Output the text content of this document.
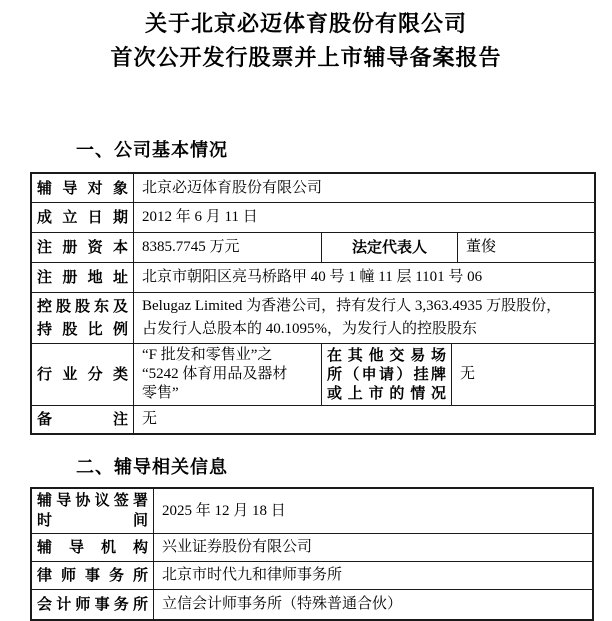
关于北京必迈体育股份有限公司
首次公开发行股票并上市辅导备案报告
一、公司基本情况
辅导对象 北京必迈体育股份有限公司
成立日期 2012 年 6 月 11 日
注册资本 8385.7745 万元	法定代表人	董俊
注册地址 北京市朝阳区亮马桥路甲 40 号 1 幢 11 层 1101 号 06
控股股东及
持股比例
Belugaz Limited 为香港公司，持有发行人 3,363.4935 万股股份，
占发行人总股本的 40.1095%，为发行人的控股股东
行业分类
“F 批发和零售业”之
“5242 体育用品及器材
零售”
在其他交易场
所（申请）挂牌
或上市的情况
无
备注 无
二、辅导相关信息
辅导协议签署
时间
2025 年 12 月 18 日
辅导机构 兴业证券股份有限公司
律师事务所 北京市时代九和律师事务所
会计师事务所 立信会计师事务所（特殊普通合伙）
